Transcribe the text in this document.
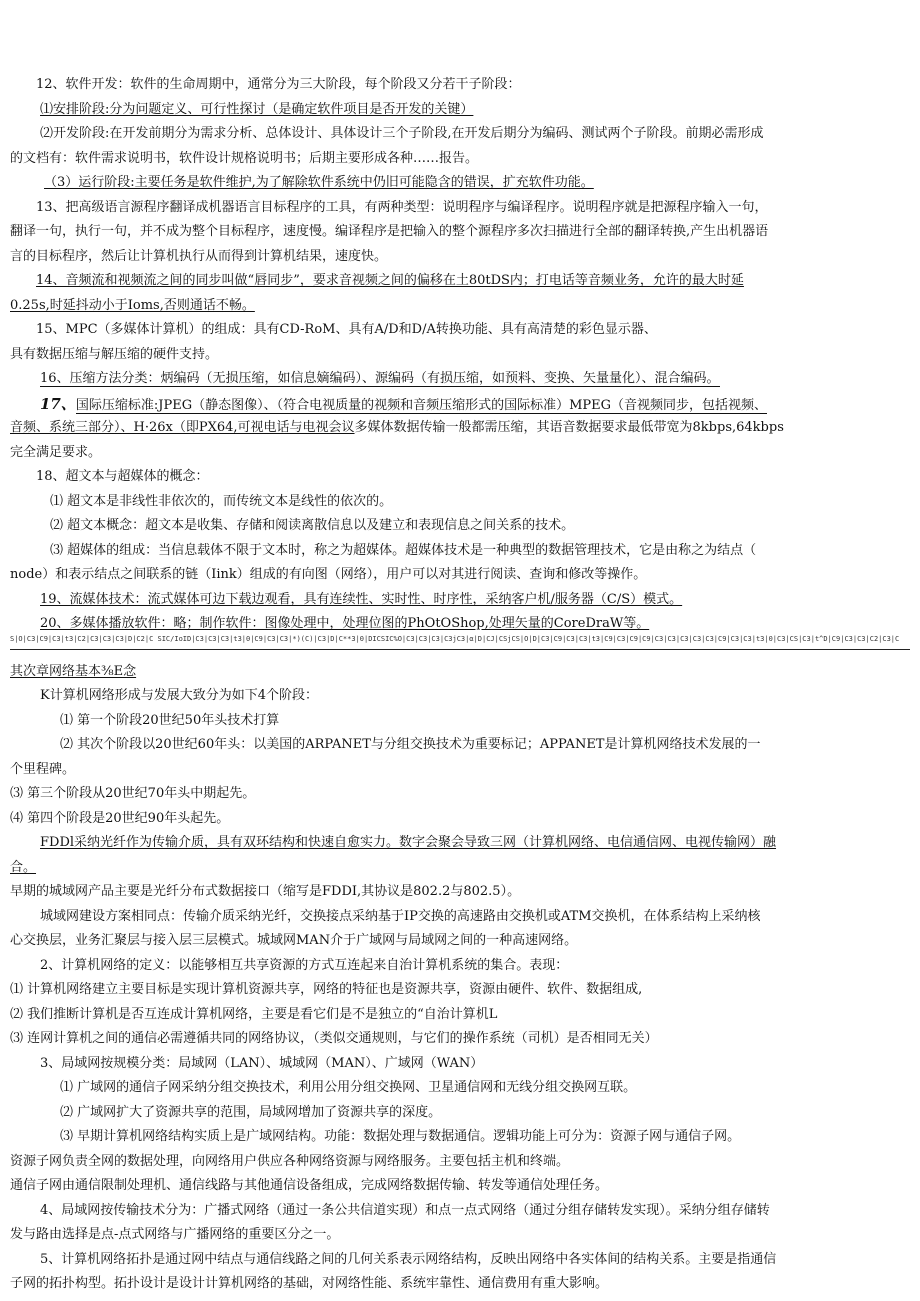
12、软件开发：软件的生命周期中，通常分为三大阶段，每个阶段又分若干子阶段：
⑴安排阶段:分为问题定义、可行性探讨（是确定软件项目是否开发的关键）
⑵开发阶段:在开发前期分为需求分析、总体设计、具体设计三个子阶段,在开发后期分为编码、测试两个子阶段。前期必需形成
的文档有：软件需求说明书，软件设计规格说明书；后期主要形成各种……报告。
（3）运行阶段:主要任务是软件维护,为了解除软件系统中仍旧可能隐含的错误，扩充软件功能。
13、把高级语言源程序翻译成机器语言目标程序的工具，有两种类型：说明程序与编译程序。说明程序就是把源程序输入一句，
翻译一句，执行一句，并不成为整个目标程序，速度慢。编译程序是把输入的整个源程序多次扫描进行全部的翻译转换,产生出机器语
言的目标程序，然后让计算机执行从而得到计算机结果，速度快。
14、音频流和视频流之间的同步叫做“唇同步”，要求音视频之间的偏移在土80tDS内；打电话等音频业务，允许的最大时延
0.25s,时延抖动小于Ioms,否则通话不畅。
15、MPC（多媒体计算机）的组成：具有CD-RoM、具有A/D和D/A转换功能、具有高清楚的彩色显示器、
具有数据压缩与解压缩的硬件支持。
16、压缩方法分类：炳编码（无损压缩，如信息嫡编码）、源编码（有损压缩，如预料、变换、矢量量化）、混合编码。
17、国际压缩标准:JPEG（静态图像）、（符合电视质量的视频和音频压缩形式的国际标准）MPEG（音视频同步，包括视频、
音频、系统三部分）、H·26x（即PX64,可视电话与电视会议多媒体数据传输一般都需压缩，其语音数据要求最低带宽为8kbps,64kbps
完全满足要求。
18、超文本与超媒体的概念：
⑴ 超文本是非线性非依次的，而传统文本是线性的依次的。
⑵ 超文本概念：超文本是收集、存储和阅读离散信息以及建立和表现信息之间关系的技术。
⑶ 超媒体的组成：当信息载体不限于文本时，称之为超媒体。超媒体技术是一种典型的数据管理技术，它是由称之为结点（
node）和表示结点之间联系的链（Iink）组成的有向图（网络），用户可以对其进行阅读、查询和修改等操作。
19、流媒体技术：流式媒体可边下载边观看，具有连续性、实时性、时序性，采纳客户机/服务器（C/S）模式。
20、多媒体播放软件：略；制作软件：图像处理中，处理位图的PhOtOShop,处理矢量的CoreDraW等。
S|O|C3|C9|C3|t3|C2|C3|C3|C3|D|C2|C SIC/IoID|C3|C3|C3|t3|0|C9|C3|C3|*)(C)|C3|D|C**3|0|DICSIC%O|C3|C3|C3|C3jC3|α|D|CJ|CSjCS|O|D|C3|C9|C3|C3|t3|C9|C3|C9|C9|C3|C3|C3|C3|C3|C9|C3|C3|t3|0|C3|CS|C3|t^D|C9|C3|C3|C2|C3|C
其次章网络基本⅜E念
K计算机网络形成与发展大致分为如下4个阶段：
⑴ 第一个阶段20世纪50年头技术打算
⑵ 其次个阶段以20世纪60年头：以美国的ARPANET与分组交换技术为重要标记；APPANET是计算机网络技术发展的一
个里程碑。
⑶ 第三个阶段从20世纪70年头中期起先。
⑷ 第四个阶段是20世纪90年头起先。
FDDl采纳光纤作为传输介质，具有双环结构和快速自愈实力。数字会聚会导致三网（计算机网络、电信通信网、电视传输网）融
合。
早期的城域网产品主要是光纤分布式数据接口（缩写是FDDI,其协议是802.2与802.5）。
城域网建设方案相同点：传输介质采纳光纤，交换接点采纳基于IP交换的高速路由交换机或ATM交换机，在体系结构上采纳核
心交换层，业务汇聚层与接入层三层模式。城域网MAN介于广域网与局域网之间的一种高速网络。
2、计算机网络的定义：以能够相互共享资源的方式互连起来自治计算机系统的集合。表现：
⑴ 计算机网络建立主要目标是实现计算机资源共享，网络的特征也是资源共享，资源由硬件、软件、数据组成,
⑵ 我们推断计算机是否互连成计算机网络，主要是看它们是不是独立的“自治计算机L
⑶ 连网计算机之间的通信必需遵循共同的网络协议，（类似交通规则，与它们的操作系统（司机）是否相同无关）
3、局域网按规模分类：局域网（LAN）、城域网（MAN）、广域网（WAN）
⑴ 广域网的通信子网采纳分组交换技术，利用公用分组交换网、卫星通信网和无线分组交换网互联。
⑵ 广域网扩大了资源共享的范围，局域网增加了资源共享的深度。
⑶ 早期计算机网络结构实质上是广域网结构。功能：数据处理与数据通信。逻辑功能上可分为：资源子网与通信子网。
资源子网负责全网的数据处理，向网络用户供应各种网络资源与网络服务。主要包括主机和终端。
通信子网由通信限制处理机、通信线路与其他通信设备组成，完成网络数据传输、转发等通信处理任务。
4、局域网按传输技术分为：广播式网络（通过一条公共信道实现）和点一点式网络（通过分组存储转发实现）。采纳分组存储转
发与路由选择是点-点式网络与广播网络的重要区分之一。
5、计算机网络拓扑是通过网中结点与通信线路之间的几何关系表示网络结构，反映出网络中各实体间的结构关系。主要是指通信
子网的拓扑构型。拓扑设计是设计计算机网络的基础，对网络性能、系统牢靠性、通信费用有重大影响。
